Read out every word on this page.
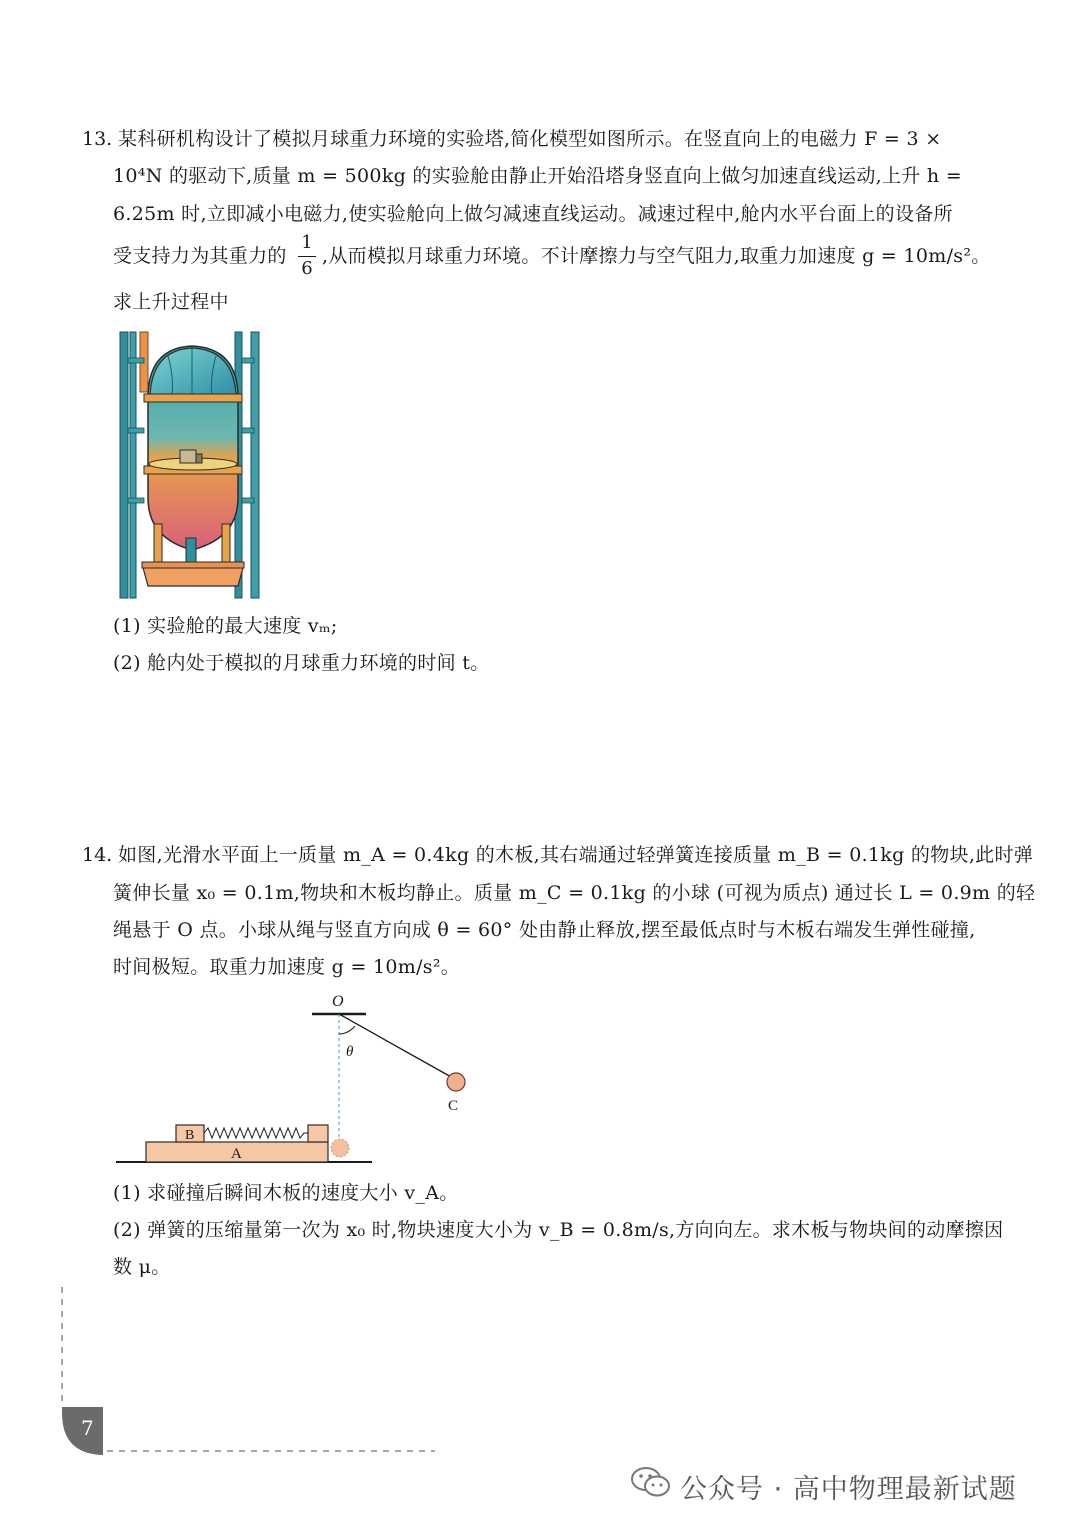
13. 某科研机构设计了模拟月球重力环境的实验塔,简化模型如图所示。在竖直向上的电磁力 F = 3 ×
10⁴N 的驱动下,质量 m = 500kg 的实验舱由静止开始沿塔身竖直向上做匀加速直线运动,上升 h =
6.25m 时,立即减小电磁力,使实验舱向上做匀减速直线运动。减速过程中,舱内水平台面上的设备所
受支持力为其重力的
1
6
,从而模拟月球重力环境。不计摩擦力与空气阻力,取重力加速度 g = 10m/s²。
求上升过程中
(1) 实验舱的最大速度 vₘ;
(2) 舱内处于模拟的月球重力环境的时间 t。
14. 如图,光滑水平面上一质量 m_A = 0.4kg 的木板,其右端通过轻弹簧连接质量 m_B = 0.1kg 的物块,此时弹
簧伸长量 x₀ = 0.1m,物块和木板均静止。质量 m_C = 0.1kg 的小球 (可视为质点) 通过长 L = 0.9m 的轻
绳悬于 O 点。小球从绳与竖直方向成 θ = 60° 处由静止释放,摆至最低点时与木板右端发生弹性碰撞,
时间极短。取重力加速度 g = 10m/s²。
O
θ
C
A
B
(1) 求碰撞后瞬间木板的速度大小 v_A。
(2) 弹簧的压缩量第一次为 x₀ 时,物块速度大小为 v_B = 0.8m/s,方向向左。求木板与物块间的动摩擦因
数 μ。
7
公众号 · 高中物理最新试题
